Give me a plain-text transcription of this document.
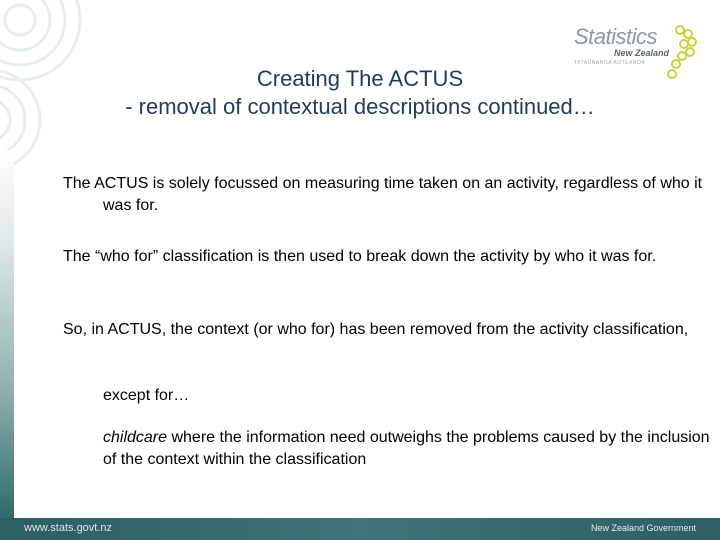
Statistics
New Zealand
TATAURANGA AOTEAROA
Creating The ACTUS
- removal of contextual descriptions continued…

The ACTUS is solely focussed on measuring time taken on an activity, regardless of who it was for.

The “who for” classification is then used to break down the activity by who it was for.

So, in ACTUS, the context (or who for) has been removed from the activity classification,

except for…

childcare where the information need outweighs the problems caused by the inclusion of the context within the classification

www.stats.govt.nz	New Zealand Government
